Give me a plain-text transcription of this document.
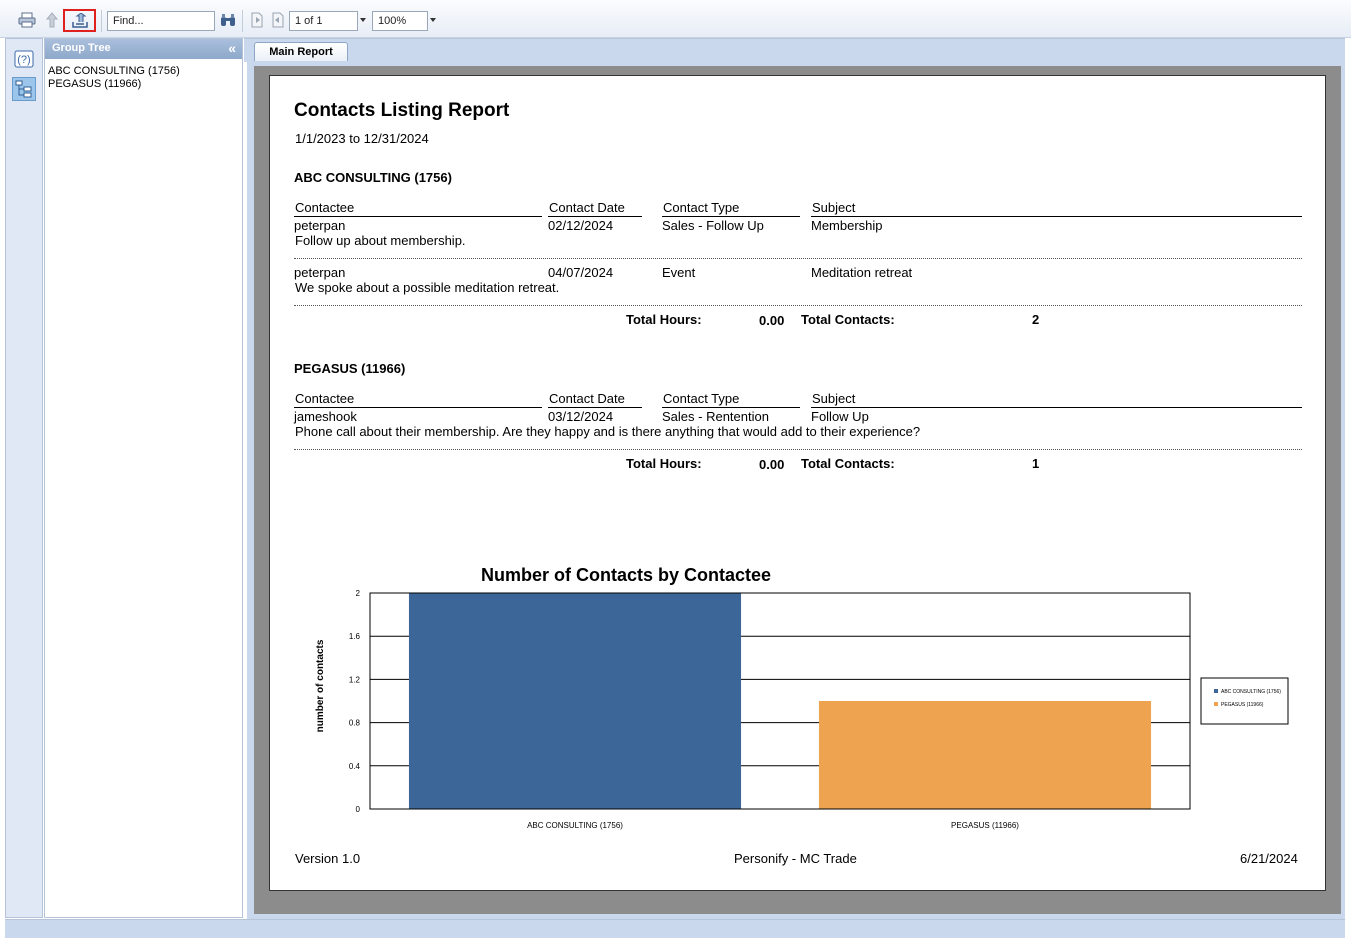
Find...
1 of 1	100%
(?)
Group Tree	«
ABC CONSULTING (1756)
PEGASUS (11966)
Main Report
Contacts Listing Report
1/1/2023 to 12/31/2024
ABC CONSULTING (1756)
Contactee	Contact Date	Contact Type	Subject
peterpan	02/12/2024	Sales - Follow Up	Membership
Follow up about membership.
peterpan	04/07/2024	Event	Meditation retreat
We spoke about a possible meditation retreat.
Total Hours:	0.00 Total Contacts:	2
PEGASUS (11966)
Contactee	Contact Date	Contact Type	Subject
jameshook	03/12/2024	Sales - Rentention	Follow Up
Phone call about their membership. Are they happy and is there anything that would add to their experience?
Total Hours:	0.00 Total Contacts:	1
Number of Contacts by Contactee
number of contacts
0
0.4
0.8
1.2
1.6
2
ABC CONSULTING (1756)	PEGASUS (11966)
ABC CONSULTING (1756)
PEGASUS (11966)
Version 1.0	Personify - MC Trade	6/21/2024
